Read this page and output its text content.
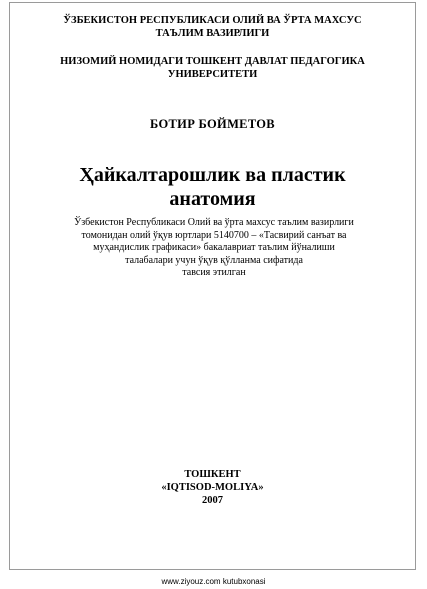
ЎЗБЕКИСТОН РЕСПУБЛИКАСИ ОЛИЙ ВА ЎРТА МАХСУС
ТАЪЛИМ ВАЗИРЛИГИ
НИЗОМИЙ НОМИДАГИ ТОШКЕНТ ДАВЛАТ ПЕДАГОГИКА
УНИВЕРСИТЕТИ
БОТИР БОЙМЕТОВ
Ҳайкалтарошлик ва пластик
анатомия
Ўзбекистон Республикаси Олий ва ўрта махсус таълим вазирлиги
томонидан олий ўқув юртлари 5140700 – «Тасвирий санъат ва
муҳандислик графикаси» бакалавриат таълим йўналиши
талабалари учун ўқув қўлланма сифатида
тавсия этилган
ТОШКЕНТ
«IQTISOD-MOLIYA»
2007
www.ziyouz.com kutubxonasi
